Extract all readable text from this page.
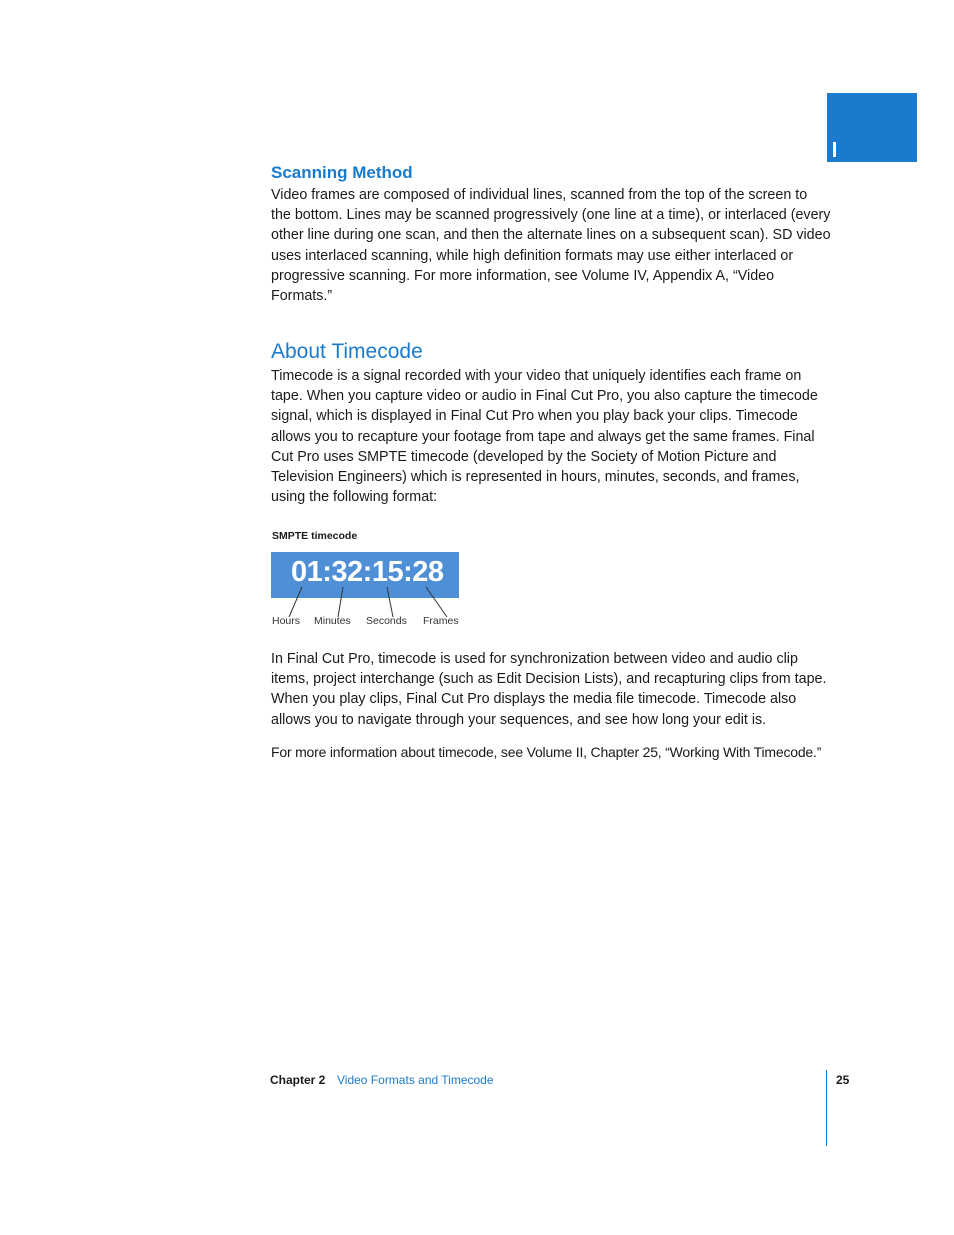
Scanning Method

Video frames are composed of individual lines, scanned from the top of the screen to the bottom. Lines may be scanned progressively (one line at a time), or interlaced (every other line during one scan, and then the alternate lines on a subsequent scan). SD video uses interlaced scanning, while high definition formats may use either interlaced or progressive scanning. For more information, see Volume IV, Appendix A, “Video Formats.”

About Timecode

Timecode is a signal recorded with your video that uniquely identifies each frame on tape. When you capture video or audio in Final Cut Pro, you also capture the timecode signal, which is displayed in Final Cut Pro when you play back your clips. Timecode allows you to recapture your footage from tape and always get the same frames. Final Cut Pro uses SMPTE timecode (developed by the Society of Motion Picture and Television Engineers) which is represented in hours, minutes, seconds, and frames, using the following format:

SMPTE timecode

01:32:15:28

Hours Minutes Seconds Frames

In Final Cut Pro, timecode is used for synchronization between video and audio clip items, project interchange (such as Edit Decision Lists), and recapturing clips from tape. When you play clips, Final Cut Pro displays the media file timecode. Timecode also allows you to navigate through your sequences, and see how long your edit is.

For more information about timecode, see Volume II, Chapter 25, “Working With Timecode.”

Chapter 2 Video Formats and Timecode	25
